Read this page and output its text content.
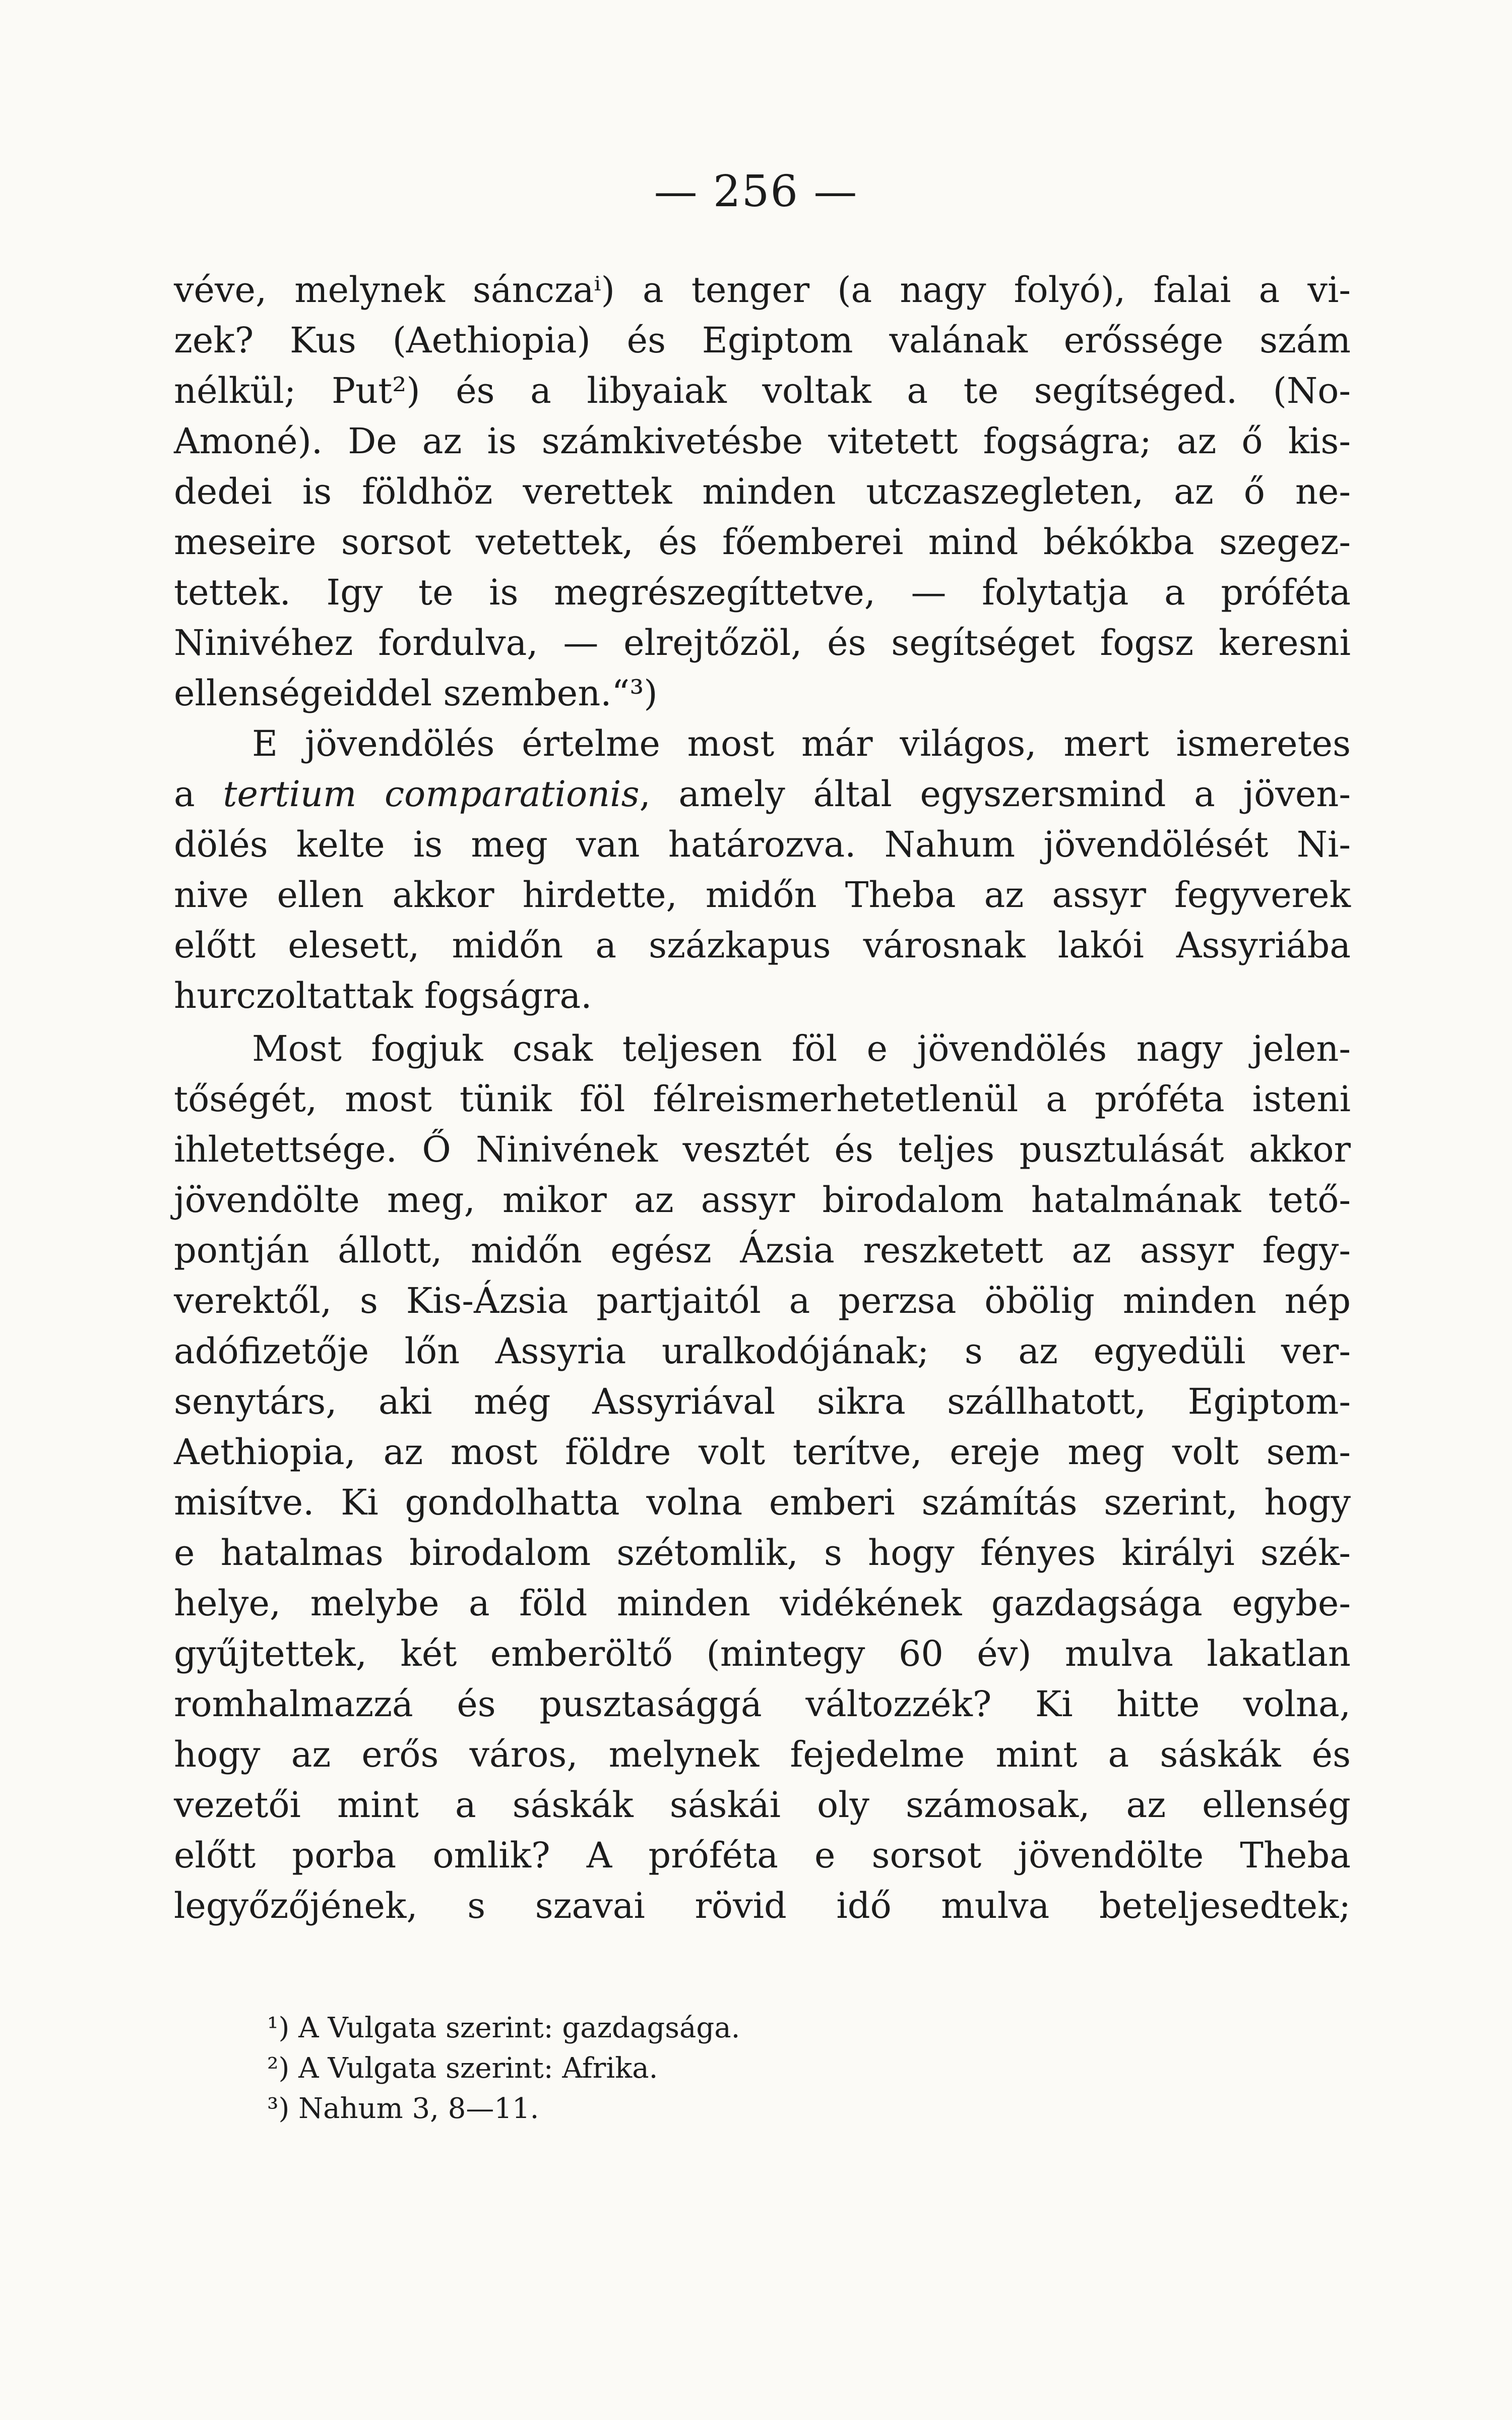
— 256 —
véve, melynek sánczaⁱ) a tenger (a nagy folyó), falai a vi-
zek? Kus (Aethiopia) és Egiptom valának erőssége szám
nélkül; Put²) és a libyaiak voltak a te segítséged. (No-
Amoné). De az is számkivetésbe vitetett fogságra; az ő kis-
dedei is földhöz verettek minden utczaszegleten, az ő ne-
meseire sorsot vetettek, és főemberei mind békókba szegez-
tettek. Igy te is megrészegíttetve, — folytatja a próféta
Ninivéhez fordulva, — elrejtőzöl, és segítséget fogsz keresni
ellenségeiddel szemben.“³)
E jövendölés értelme most már világos, mert ismeretes
a tertium comparationis, amely által egyszersmind a jöven-
dölés kelte is meg van határozva. Nahum jövendölését Ni-
nive ellen akkor hirdette, midőn Theba az assyr fegyverek
előtt elesett, midőn a százkapus városnak lakói Assyriába
hurczoltattak fogságra.
Most fogjuk csak teljesen föl e jövendölés nagy jelen-
tőségét, most tünik föl félreismerhetetlenül a próféta isteni
ihletettsége. Ő Ninivének vesztét és teljes pusztulását akkor
jövendölte meg, mikor az assyr birodalom hatalmának tető-
pontján állott, midőn egész Ázsia reszketett az assyr fegy-
verektől, s Kis-Ázsia partjaitól a perzsa öbölig minden nép
adófizetője lőn Assyria uralkodójának; s az egyedüli ver-
senytárs, aki még Assyriával sikra szállhatott, Egiptom-
Aethiopia, az most földre volt terítve, ereje meg volt sem-
misítve. Ki gondolhatta volna emberi számítás szerint, hogy
e hatalmas birodalom szétomlik, s hogy fényes királyi szék-
helye, melybe a föld minden vidékének gazdagsága egybe-
gyűjtettek, két emberöltő (mintegy 60 év) mulva lakatlan
romhalmazzá és pusztasággá változzék? Ki hitte volna,
hogy az erős város, melynek fejedelme mint a sáskák és
vezetői mint a sáskák sáskái oly számosak, az ellenség
előtt porba omlik? A próféta e sorsot jövendölte Theba
legyőzőjének, s szavai rövid idő mulva beteljesedtek;
¹) A Vulgata szerint: gazdagsága.
²) A Vulgata szerint: Afrika.
³) Nahum 3, 8—11.
